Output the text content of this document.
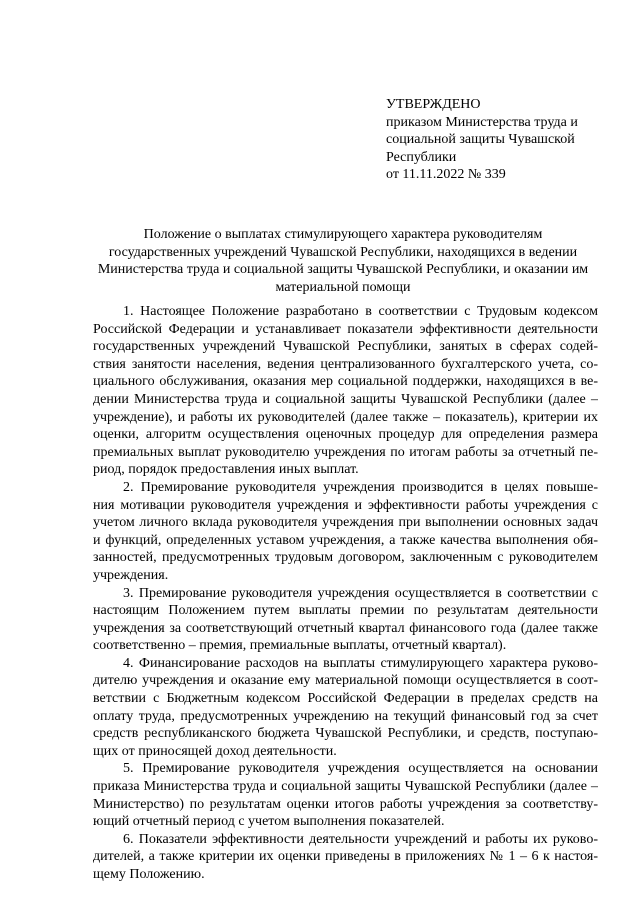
УТВЕРЖДЕНО
приказом Министерства труда и
социальной защиты Чувашской
Республики
от 11.11.2022 № 339
Положение о выплатах стимулирующего характера руководителям
государственных учреждений Чувашской Республики, находящихся в ведении
Министерства труда и социальной защиты Чувашской Республики, и оказании им
материальной помощи
1. Настоящее Положение разработано в соответствии с Трудовым кодексом
Российской Федерации и устанавливает показатели эффективности деятельности
государственных учреждений Чувашской Республики, занятых в сферах содей-
ствия занятости населения, ведения централизованного бухгалтерского учета, со-
циального обслуживания, оказания мер социальной поддержки, находящихся в ве-
дении Министерства труда и социальной защиты Чувашской Республики (далее –
учреждение), и работы их руководителей (далее также – показатель), критерии их
оценки, алгоритм осуществления оценочных процедур для определения размера
премиальных выплат руководителю учреждения по итогам работы за отчетный пе-
риод, порядок предоставления иных выплат.
2. Премирование руководителя учреждения производится в целях повыше-
ния мотивации руководителя учреждения и эффективности работы учреждения с
учетом личного вклада руководителя учреждения при выполнении основных задач
и функций, определенных уставом учреждения, а также качества выполнения обя-
занностей, предусмотренных трудовым договором, заключенным с руководителем
учреждения.
3. Премирование руководителя учреждения осуществляется в соответствии с
настоящим Положением путем выплаты премии по результатам деятельности
учреждения за соответствующий отчетный квартал финансового года (далее также
соответственно – премия, премиальные выплаты, отчетный квартал).
4. Финансирование расходов на выплаты стимулирующего характера руково-
дителю учреждения и оказание ему материальной помощи осуществляется в соот-
ветствии с Бюджетным кодексом Российской Федерации в пределах средств на
оплату труда, предусмотренных учреждению на текущий финансовый год за счет
средств республиканского бюджета Чувашской Республики, и средств, поступаю-
щих от приносящей доход деятельности.
5. Премирование руководителя учреждения осуществляется на основании
приказа Министерства труда и социальной защиты Чувашской Республики (далее –
Министерство) по результатам оценки итогов работы учреждения за соответству-
ющий отчетный период с учетом выполнения показателей.
6. Показатели эффективности деятельности учреждений и работы их руково-
дителей, а также критерии их оценки приведены в приложениях № 1 – 6 к настоя-
щему Положению.
